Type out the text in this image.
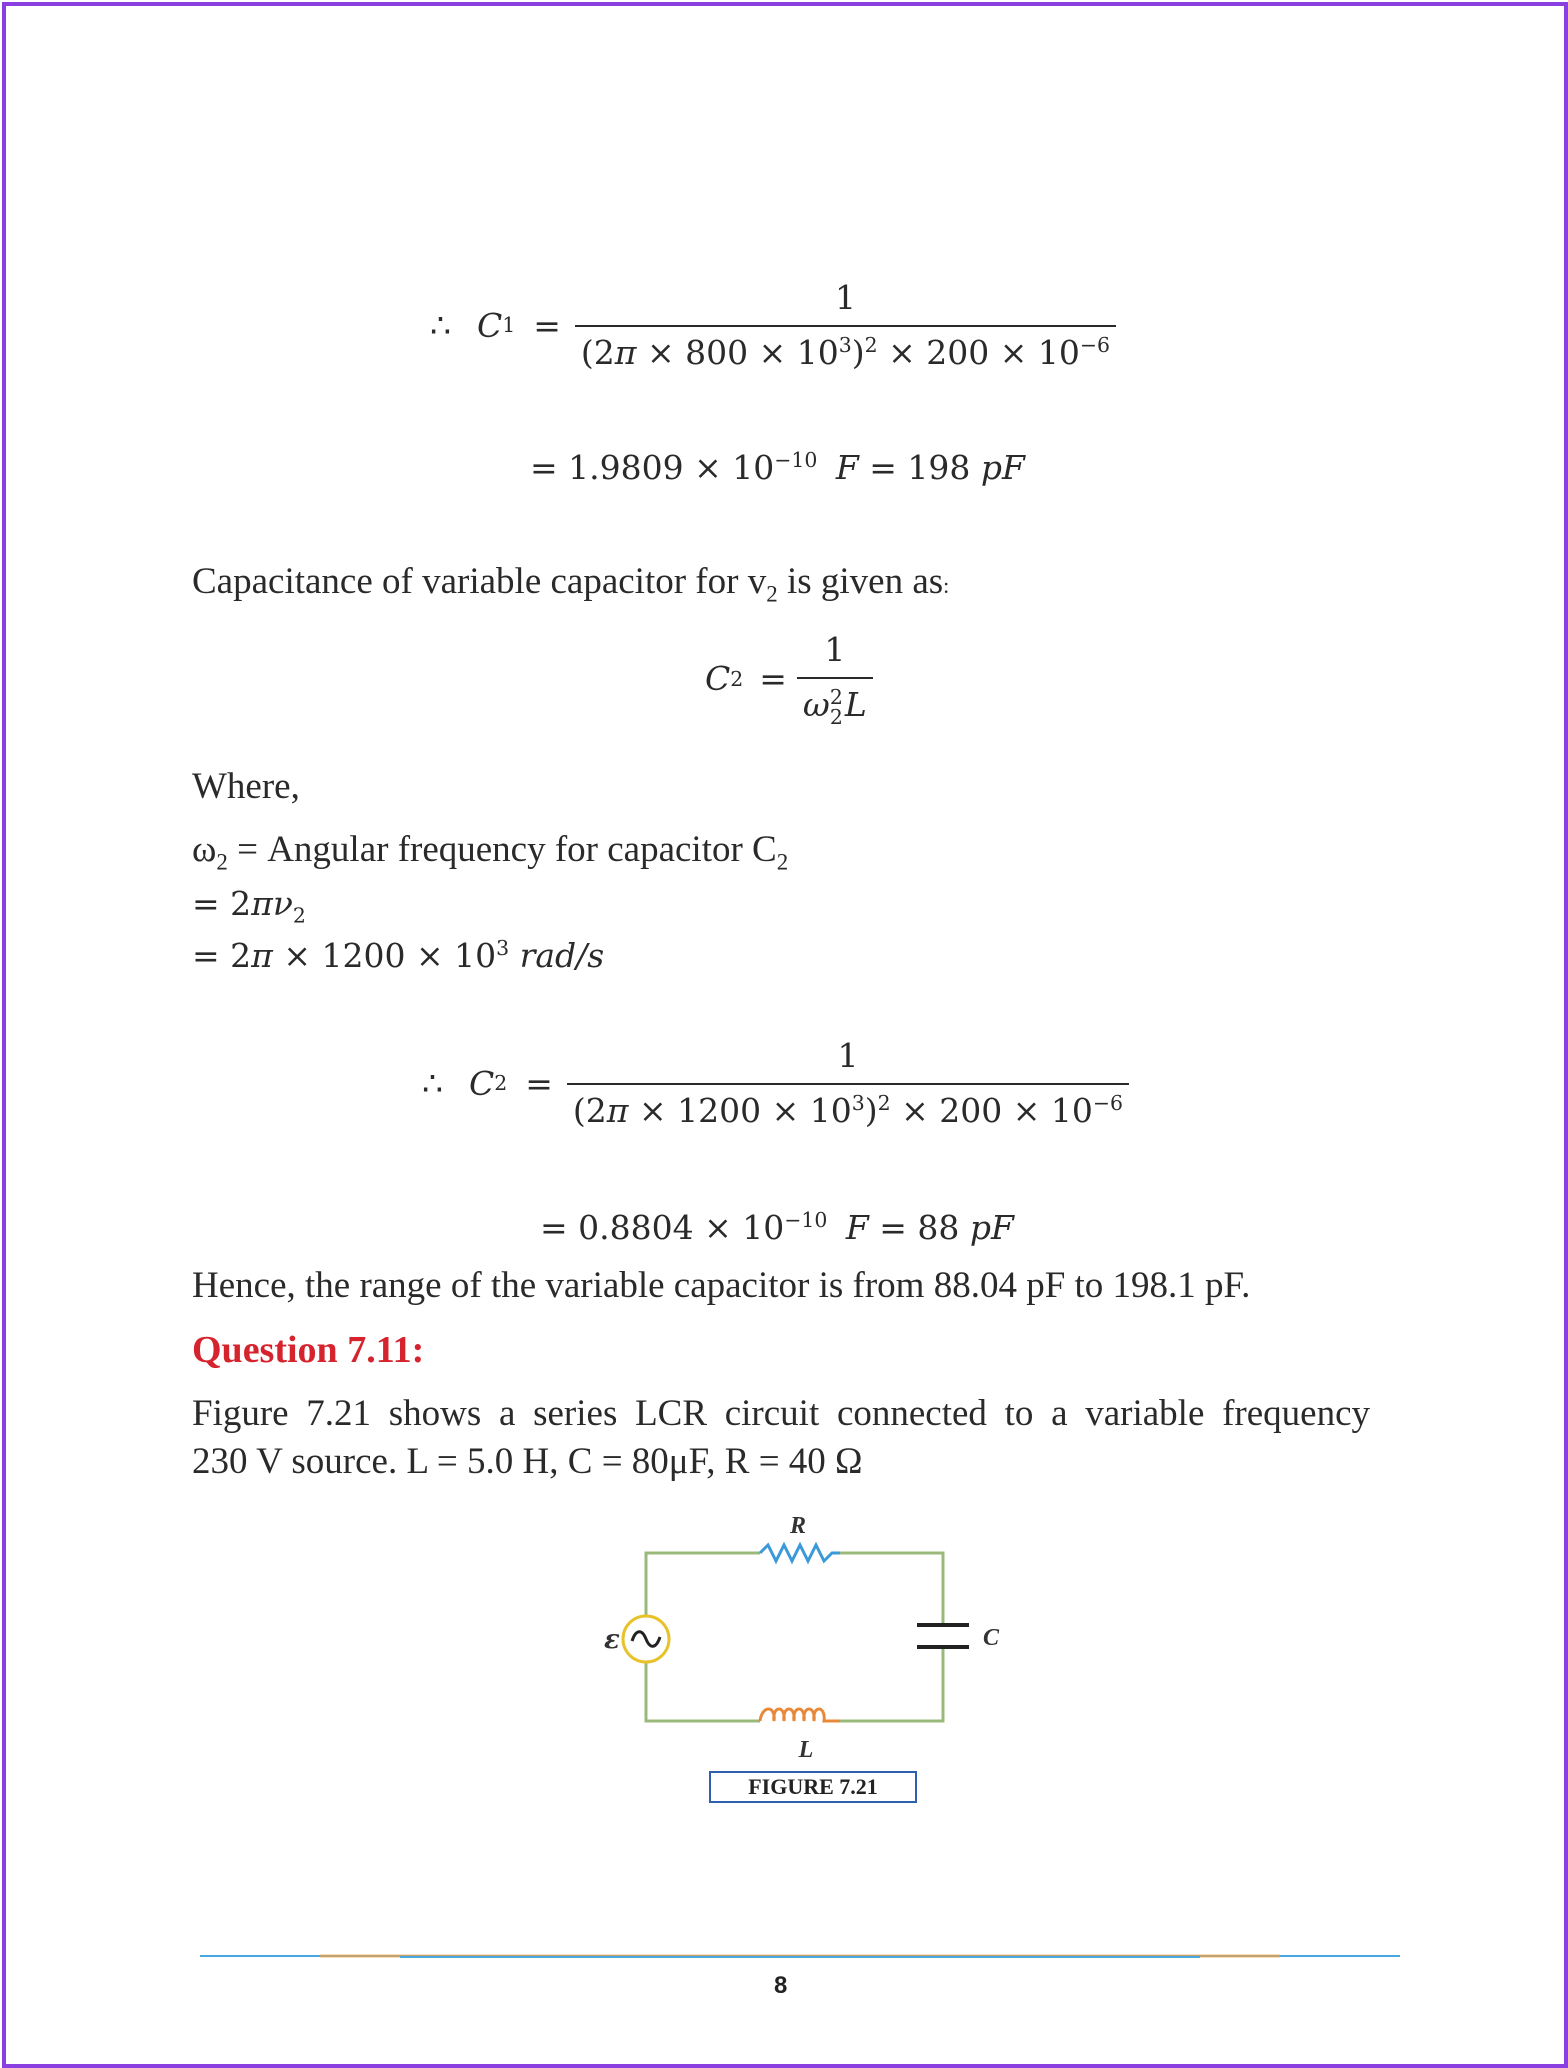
∴ C $1 = \frac{1}{(2\pi \times 800 \times 10^3)^2 \times 200 \times 10^{-6}}$
= $1.9809 \times 10^{-10}$ F = 198 pF
Capacitance of variable capacitor for $v_2$ is given as:
C 2 = 1
ω 2
2 L
Where,
$\omega_2$ = Angular frequency for capacitor $C_2$
= $2\pi\nu_2$
= $2\pi \times 1200 \times 10^3$ rad/s
∴ C $2 = \frac{1}{(2\pi \times 1200 \times 10^3)^2 \times 200 \times 10^{-6}}$
= $0.8804 \times 10^{-10}$ F = 88 pF
Hence, the range of the variable capacitor is from 88.04 pF to 198.1 pF.
Question 7.11:
Figure 7.21 shows a series LCR circuit connected to a variable frequency
230 V source. L = 5.0 H, C = 80μF, R = 40 Ω
R
C
L
ε
FIGURE 7.21
8
